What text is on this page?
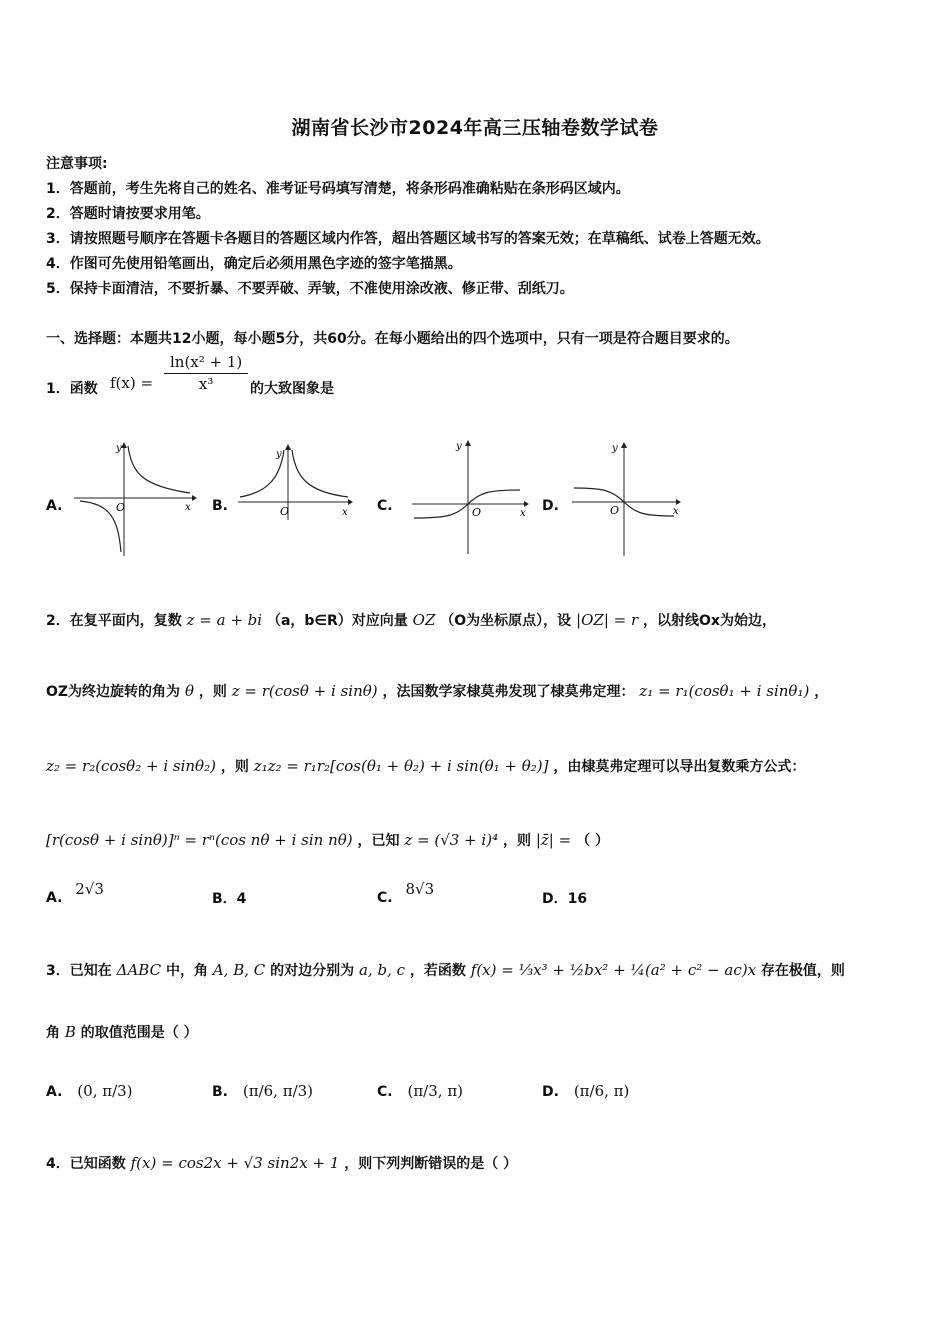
湖南省长沙市2024年高三压轴卷数学试卷
注意事项:
1．答题前，考生先将自己的姓名、准考证号码填写清楚，将条形码准确粘贴在条形码区域内。
2．答题时请按要求用笔。
3．请按照题号顺序在答题卡各题目的答题区域内作答，超出答题区域书写的答案无效；在草稿纸、试卷上答题无效。
4．作图可先使用铅笔画出，确定后必须用黑色字迹的签字笔描黑。
5．保持卡面清洁，不要折暴、不要弄破、弄皱，不准使用涂改液、修正带、刮纸刀。
一、选择题：本题共12小题，每小题5分，共60分。在每小题给出的四个选项中，只有一项是符合题目要求的。
1．函数 $f(x) = \frac{\text{ln(x² + 1)}}{\text{x³}}$ 的大致图象是
A.	B.	C.	D.
y
O	x
y
O	x
y
O	x
y
O	x
2．在复平面内，复数 z = a + bi （a，b∈R）对应向量 OZ （O为坐标原点），设 |OZ| = r ，以射线Ox为始边，
OZ为终边旋转的角为 θ ，则 z = r(cosθ + i sinθ) ，法国数学家棣莫弗发现了棣莫弗定理： z₁ = r₁(cosθ₁ + i sinθ₁) ，
z₂ = r₂(cosθ₂ + i sinθ₂) ，则 z₁z₂ = r₁r₂[cos(θ₁ + θ₂) + i sin(θ₁ + θ₂)] ，由棣莫弗定理可以导出复数乘方公式：
[r(cosθ + i sinθ)]ⁿ = rⁿ(cos nθ + i sin nθ) ，已知 z = (√3 + i)⁴ ，则 |z̄| = （ ）
A. 2√3
B．4	C. 8√3
D．16
3．已知在 ΔABC 中，角 A, B, C 的对边分别为 a, b, c ，若函数 f(x) = ⅓x³ + ½bx² + ¼(a² + c² − ac)x 存在极值，则
角 B 的取值范围是（ ）
A. (0, π/3)	B. (π/6, π/3)	C. (π/3, π)	D. (π/6, π)
4．已知函数 f(x) = cos2x + √3 sin2x + 1 ，则下列判断错误的是（ ）
